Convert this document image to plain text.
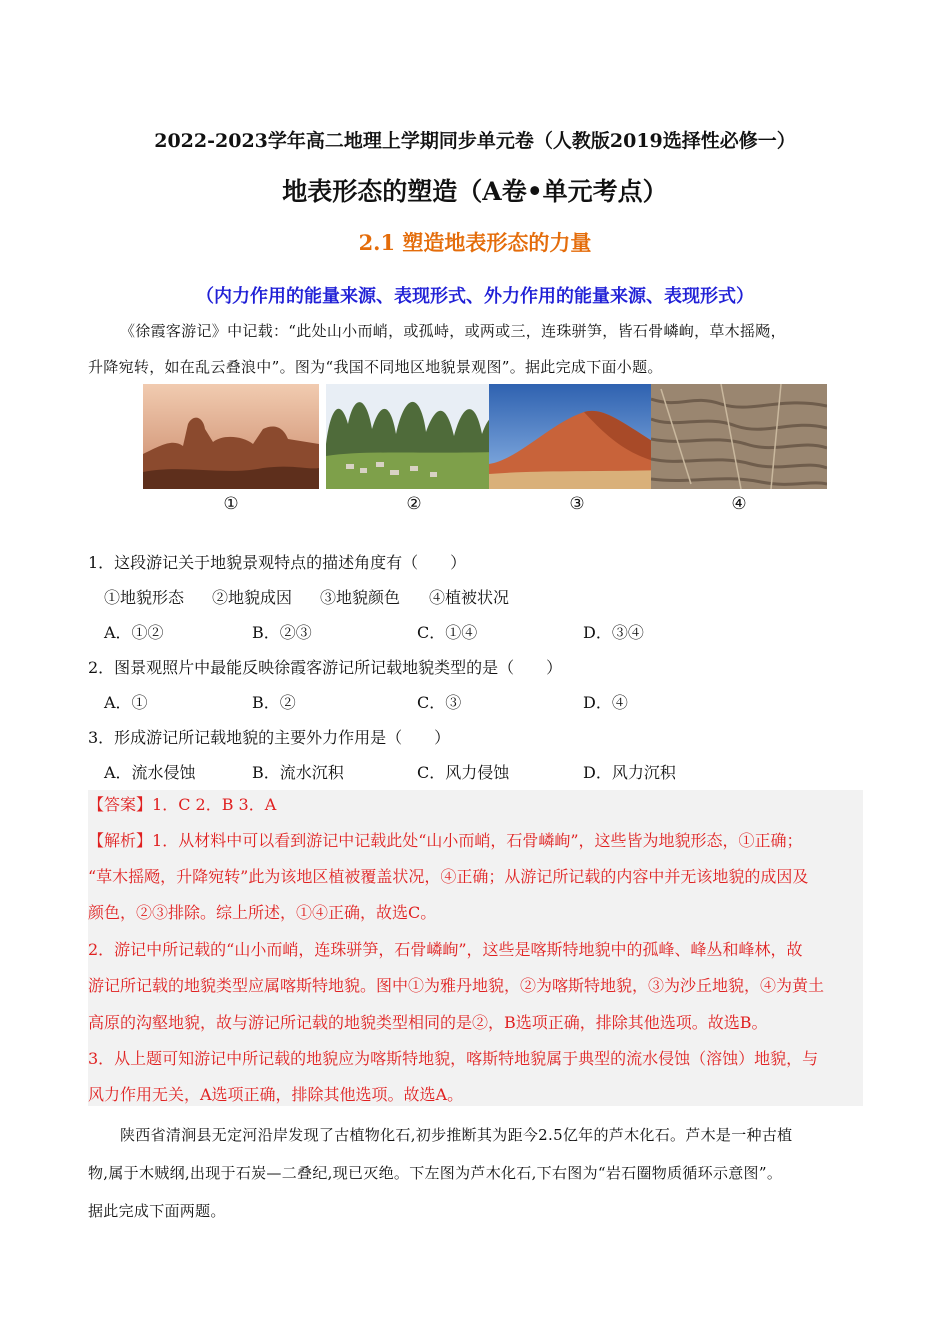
2022-2023学年高二地理上学期同步单元卷（人教版2019选择性必修一）
地表形态的塑造（A卷•单元考点）
2.1 塑造地表形态的力量
（内力作用的能量来源、表现形式、外力作用的能量来源、表现形式）
《徐霞客游记》中记载：“此处山小而峭，或孤峙，或两或三，连珠骈笋，皆石骨嶙峋，草木摇飏，
升降宛转，如在乱云叠浪中”。图为“我国不同地区地貌景观图”。据此完成下面小题。
①	②	③	④
1．这段游记关于地貌景观特点的描述角度有（　　）
①地貌形态 ②地貌成因 ③地貌颜色 ④植被状况
A．①②	B．②③	C．①④	D．③④
2．图景观照片中最能反映徐霞客游记所记载地貌类型的是（　　）
A．①	B．②	C．③	D．④
3．形成游记所记载地貌的主要外力作用是（　　）
A．流水侵蚀	B．流水沉积	C．风力侵蚀	D．风力沉积
【答案】1．C 2．B 3．A
【解析】1．从材料中可以看到游记中记载此处“山小而峭，石骨嶙峋”，这些皆为地貌形态，①正确；
“草木摇飏，升降宛转”此为该地区植被覆盖状况，④正确；从游记所记载的内容中并无该地貌的成因及
颜色，②③排除。综上所述，①④正确，故选C。
2．游记中所记载的“山小而峭，连珠骈笋，石骨嶙峋”，这些是喀斯特地貌中的孤峰、峰丛和峰林，故
游记所记载的地貌类型应属喀斯特地貌。图中①为雅丹地貌，②为喀斯特地貌，③为沙丘地貌，④为黄土
高原的沟壑地貌，故与游记所记载的地貌类型相同的是②，B选项正确，排除其他选项。故选B。
3．从上题可知游记中所记载的地貌应为喀斯特地貌，喀斯特地貌属于典型的流水侵蚀（溶蚀）地貌，与
风力作用无关，A选项正确，排除其他选项。故选A。
陕西省清涧县无定河沿岸发现了古植物化石,初步推断其为距今2.5亿年的芦木化石。芦木是一种古植
物,属于木贼纲,出现于石炭—二叠纪,现已灭绝。下左图为芦木化石,下右图为“岩石圈物质循环示意图”。
据此完成下面两题。
